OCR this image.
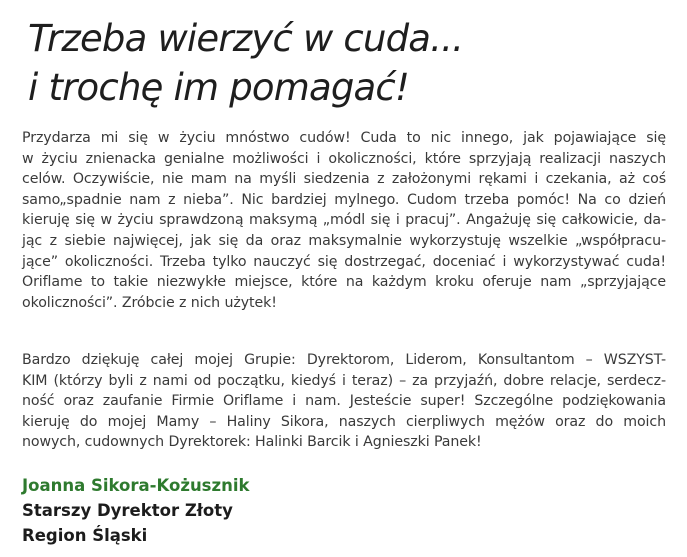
Trzeba wierzyć w cuda...
i trochę im pomagać!
Przydarza mi się w życiu mnóstwo cudów! Cuda to nic innego, jak pojawiające się
w życiu znienacka genialne możliwości i okoliczności, które sprzyjają realizacji naszych
celów. Oczywiście, nie mam na myśli siedzenia z założonymi rękami i czekania, aż coś
samo„spadnie nam z nieba”. Nic bardziej mylnego. Cudom trzeba pomóc! Na co dzień
kieruję się w życiu sprawdzoną maksymą „módl się i pracuj”. Angażuję się całkowicie, da-
jąc z siebie najwięcej, jak się da oraz maksymalnie wykorzystuję wszelkie „współpracu-
jące” okoliczności. Trzeba tylko nauczyć się dostrzegać, doceniać i wykorzystywać cuda!
Oriflame to takie niezwykłe miejsce, które na każdym kroku oferuje nam „sprzyjające
okoliczności”. Zróbcie z nich użytek!
Bardzo dziękuję całej mojej Grupie: Dyrektorom, Liderom, Konsultantom – WSZYST-
KIM (którzy byli z nami od początku, kiedyś i teraz) – za przyjaźń, dobre relacje, serdecz-
ność oraz zaufanie Firmie Oriflame i nam. Jesteście super! Szczególne podziękowania
kieruję do mojej Mamy – Haliny Sikora, naszych cierpliwych mężów oraz do moich
nowych, cudownych Dyrektorek: Halinki Barcik i Agnieszki Panek!
Joanna Sikora-Kożusznik
Starszy Dyrektor Złoty
Region Śląski
